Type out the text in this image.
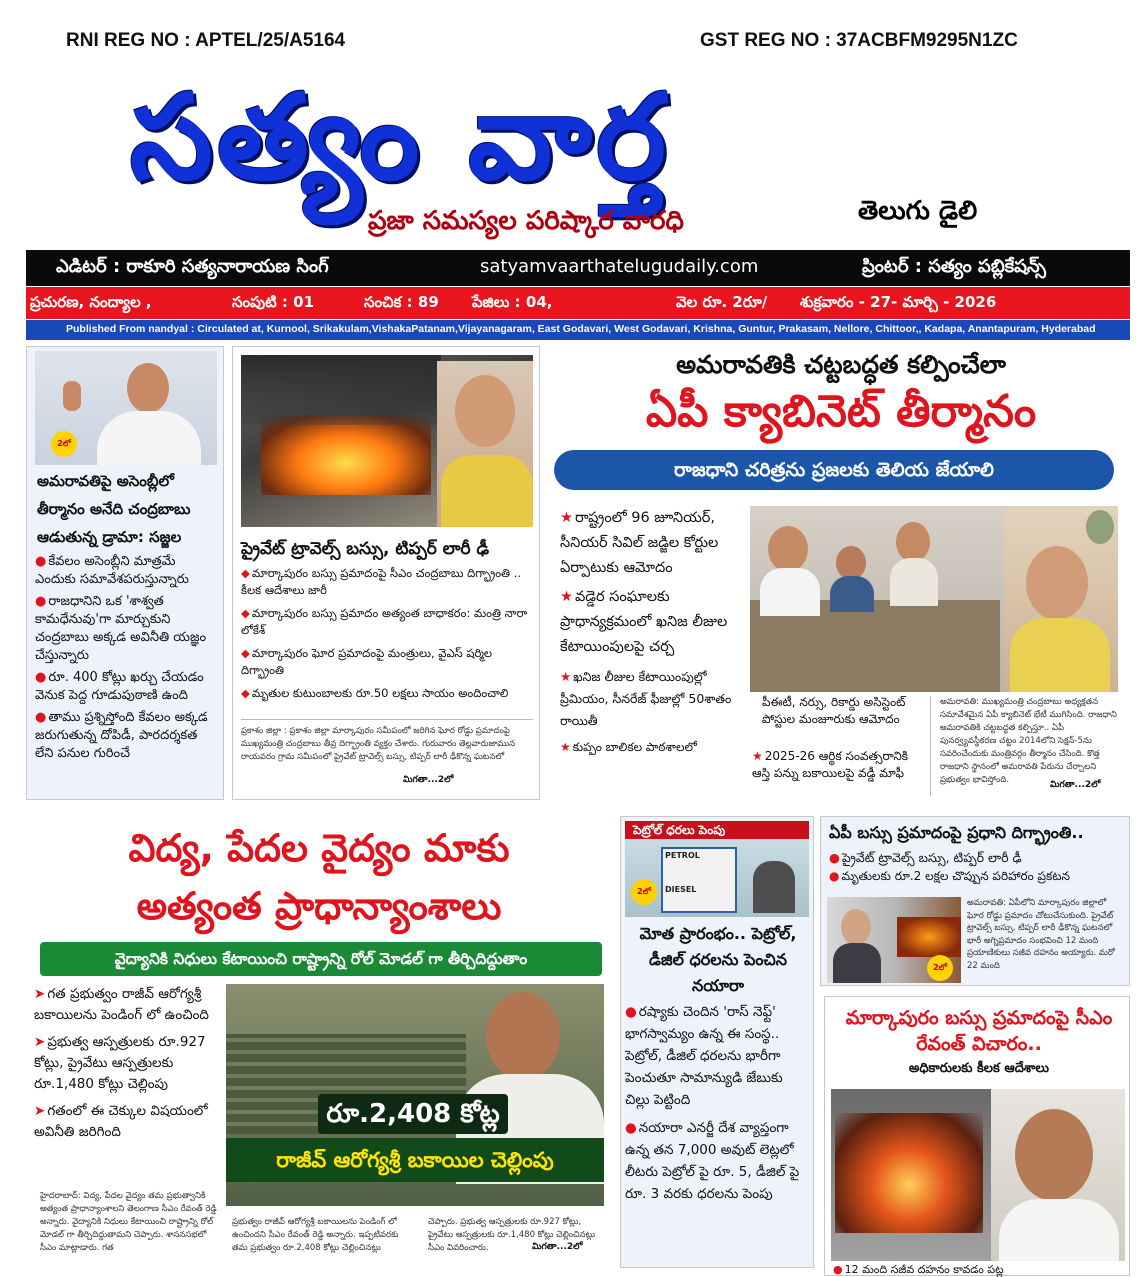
RNI REG NO : APTEL/25/A5164	GST REG NO : 37ACBFM9295N1ZC
సత్యం వార్త
ప్రజా సమస్యల పరిష్కార వారధి	తెలుగు డైలి
ఎడిటర్ : రాకూరి సత్యనారాయణ సింగ్	satyamvaarthatelugudaily.com	ప్రింటర్ : సత్యం పబ్లికేషన్స్
ప్రచురణ, నంద్యాల ,	సంపుటి : 01	సంచిక : 89 పేజిలు : 04,	వెల రూ. 2రూ/ శుక్రవారం - 27- మార్చి - 2026
Published From nandyal : Circulated at, Kurnool, Srikakulam,VishakaPatanam,Vijayanagaram, East Godavari, West Godavari, Krishna, Guntur, Prakasam, Nellore, Chittoor,, Kadapa, Anantapuram, Hyderabad
2లో
అమరావతిపై అసెంబ్లీలో తీర్మానం అనేది చంద్రబాబు ఆడుతున్న డ్రామా: సజ్జల
● కేవలం అసెంబ్లీని మాత్రమే ఎందుకు సమావేశపరుస్తున్నారు
● రాజధానిని ఒక 'శాశ్వత కామధేనువు'గా మార్చుకుని చంద్రబాబు అక్కడ అవినీతి యజ్ఞం చేస్తున్నారు
● రూ. 400 కోట్లు ఖర్చు చేయడం వెనుక పెద్ద గూడుపుఠాణి ఉంది
● తాము ప్రశ్నిస్తోంది కేవలం అక్కడ జరుగుతున్న దోపిడీ, పారదర్శకత లేని పనుల గురించే
ప్రైవేట్ ట్రావెల్స్ బస్సు, టిప్పర్ లారీ ఢీ
◆ మార్కాపురం బస్సు ప్రమాదంపై సీఎం చంద్రబాబు దిగ్భ్రాంతి .. కీలక ఆదేశాలు జారీ
◆ మార్కాపురం బస్సు ప్రమాదం అత్యంత బాధాకరం: మంత్రి నారా లోకేశ్
◆ మార్కాపురం ఘోర ప్రమాదంపై మంత్రులు, వైఎస్ షర్మిల దిగ్భ్రాంతి
◆ మృతుల కుటుంబాలకు రూ.50 లక్షలు సాయం అందించాలి
ప్రకాశం జిల్లా : ప్రకాశం జిల్లా మార్కాపురం సమీపంలో జరిగిన ఘోర రోడ్డు ప్రమాదంపై ముఖ్యమంత్రి చంద్రబాబు తీవ్ర దిగ్భ్రాంతి వ్యక్తం చేశారు. గురువారం తెల్లవారుజామున రాయవరం గ్రామ సమీపంలో ప్రైవేట్ ట్రావెల్స్ బస్సు, టిప్పర్ లారీ ఢీకొన్న ఘటనలో
మిగతా...2లో
అమరావతికి చట్టబద్ధత కల్పించేలా
ఏపీ క్యాబినెట్ తీర్మానం
రాజధాని చరిత్రను ప్రజలకు తెలియ జేయాలి
★ రాష్ట్రంలో 96 జూనియర్, సీనియర్ సివిల్ జడ్జిల కోర్టుల ఏర్పాటుకు ఆమోదం
★ వడ్డెర సంఘాలకు ప్రాధాన్యక్రమంలో ఖనిజ లీజుల కేటాయింపులపై చర్చ
★ ఖనిజ లీజుల కేటాయింపుల్లో ప్రీమియం, సీనరేజ్ ఫీజుల్లో 50శాతం రాయితీ
★ కుప్పం బాలికల పాఠశాలలో
పీఈటీ, నర్సు, రికార్డు అసిస్టెంట్ పోస్టుల మంజూరుకు ఆమోదం
★ 2025-26 ఆర్థిక సంవత్సరానికి ఆస్తి పన్ను బకాయిలపై వడ్డీ మాఫీ
అమరావతి: ముఖ్యమంత్రి చంద్రబాబు అధ్యక్షతన సమావేశమైన ఏపీ క్యాబినెట్ భేటీ ముగిసింది. రాజధాని అమరావతికి చట్టబద్ధత కల్పిస్తూ.. ఏపీ పునర్వ్యవస్థీకరణ చట్టం 2014లోని సెక్షన్-5ను సవరించేందుకు మంత్రివర్గం తీర్మానం చేసింది. కొత్త రాజధాని స్థానంలో అమరావతి పేరును చేర్చాలని ప్రభుత్వం భావిస్తోంది.	మిగతా...2లో
విద్య, పేదల వైద్యం మాకు
అత్యంత ప్రాధాన్యాంశాలు
వైద్యానికి నిధులు కేటాయించి రాష్ట్రాన్ని రోల్ మోడల్ గా తీర్చిదిద్దుతాం
➤ గత ప్రభుత్వం రాజీవ్ ఆరోగ్యశ్రీ బకాయిలను పెండింగ్ లో ఉంచింది
➤ ప్రభుత్వ ఆస్పత్రులకు రూ.927 కోట్లు, ప్రైవేటు ఆస్పత్రులకు రూ.1,480 కోట్లు చెల్లింపు
➤ గతంలో ఈ చెక్కుల విషయంలో అవినీతి జరిగింది
రూ.2,408 కోట్ల
రాజీవ్ ఆరోగ్యశ్రీ బకాయిల చెల్లింపు
హైదరాబాద్: విద్య, పేదల వైద్యం తమ ప్రభుత్వానికి అత్యంత ప్రాధాన్యాంశాలని తెలంగాణ సీఎం రేవంత్ రెడ్డి అన్నారు. వైద్యానికి నిధులు కేటాయించి రాష్ట్రాన్ని రోల్ మోడల్ గా తీర్చిదిద్దుతామని చెప్పారు. శాసనసభలో సీఎం మాట్లాడారు. గత
ప్రభుత్వం రాజీవ్ ఆరోగ్యశ్రీ బకాయిలను పెండింగ్ లో ఉంచిందని సీఎం రేవంత్ రెడ్డి అన్నారు. ఇప్పటివరకు తమ ప్రభుత్వం రూ.2,408 కోట్లు చెల్లించినట్లు
చెప్పారు. ప్రభుత్వ ఆస్పత్రులకు రూ.927 కోట్లు, ప్రైవేటు ఆస్పత్రులకు రూ.1,480 కోట్లు చెల్లించినట్లు సీఎం వివరించారు.	మిగతా...2లో
పెట్రోల్ ధరలు పెంపు
PETROL
DIESEL
2లో
మోత ప్రారంభం.. పెట్రోల్, డీజిల్ ధరలను పెంచిన నయారా
● రష్యాకు చెందిన 'రాస్ నెఫ్ట్' భాగస్వామ్యం ఉన్న ఈ సంస్థ.. పెట్రోల్, డీజిల్ ధరలను భారీగా పెంచుతూ సామాన్యుడి జేబుకు చిల్లు పెట్టింది
● నయారా ఎనర్జీ దేశ వ్యాప్తంగా ఉన్న తన 7,000 అవుట్ లెట్లలో లీటరు పెట్రోల్ పై రూ. 5, డీజిల్ పై రూ. 3 వరకు ధరలను పెంపు
ఏపీ బస్సు ప్రమాదంపై ప్రధాని దిగ్భ్రాంతి..
● ప్రైవేట్ ట్రావెల్స్ బస్సు, టిప్పర్ లారీ ఢీ
● మృతులకు రూ.2 లక్షల చొప్పున పరిహారం ప్రకటన
2లో
అమరావతి: ఏపీలోని మార్కాపురం జిల్లాలో ఘోర రోడ్డు ప్రమాదం చోటుచేసుకుంది. ప్రైవేట్ ట్రావెల్స్ బస్సు, టిప్పర్ లారీ ఢీకొన్న ఘటనలో భారీ అగ్నిప్రమాదం సంభవించి 12 మంది ప్రయాణికులు సజీవ దహనం అయ్యారు. మరో 22 మంది
మార్కాపురం బస్సు ప్రమాదంపై సీఎం రేవంత్ విచారం..
అధికారులకు కీలక ఆదేశాలు
● 12 మంది సజీవ దహనం కావడం పట్ల
